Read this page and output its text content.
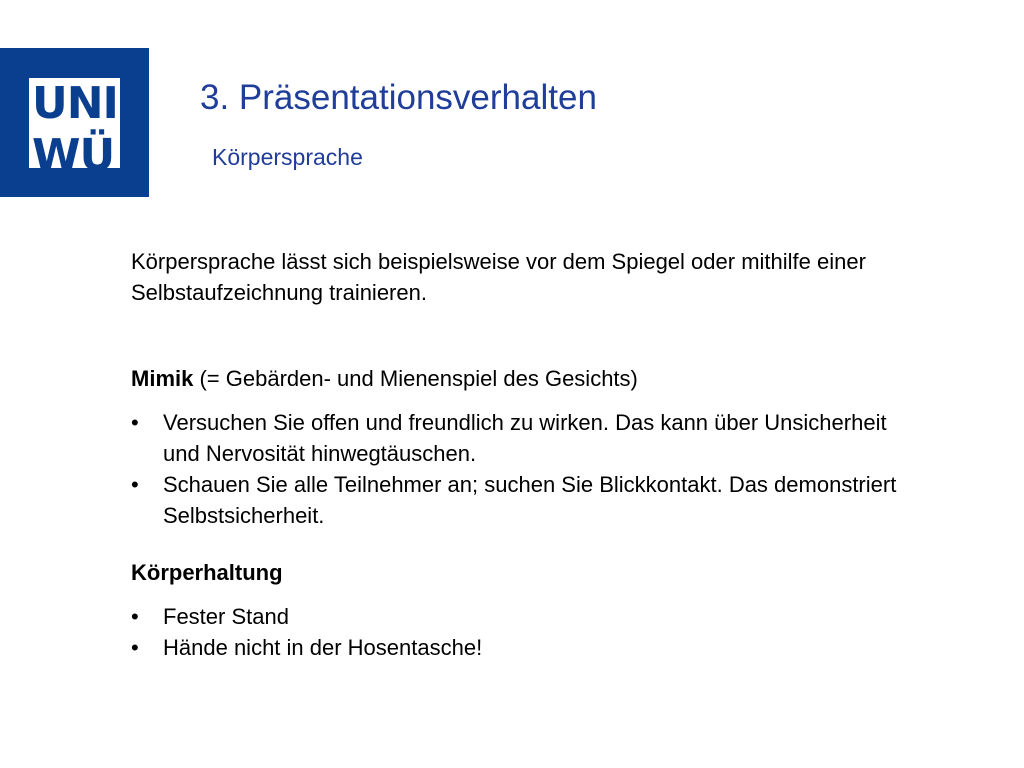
UNI
WÜ
3. Präsentationsverhalten
Körpersprache

Körpersprache lässt sich beispielsweise vor dem Spiegel oder mithilfe einer Selbstaufzeichnung trainieren.

Mimik (= Gebärden- und Mienenspiel des Gesichts)

• Versuchen Sie offen und freundlich zu wirken. Das kann über Unsicherheit und Nervosität hinwegtäuschen.
• Schauen Sie alle Teilnehmer an; suchen Sie Blickkontakt. Das demonstriert Selbstsicherheit.

Körperhaltung

• Fester Stand
• Hände nicht in der Hosentasche!
